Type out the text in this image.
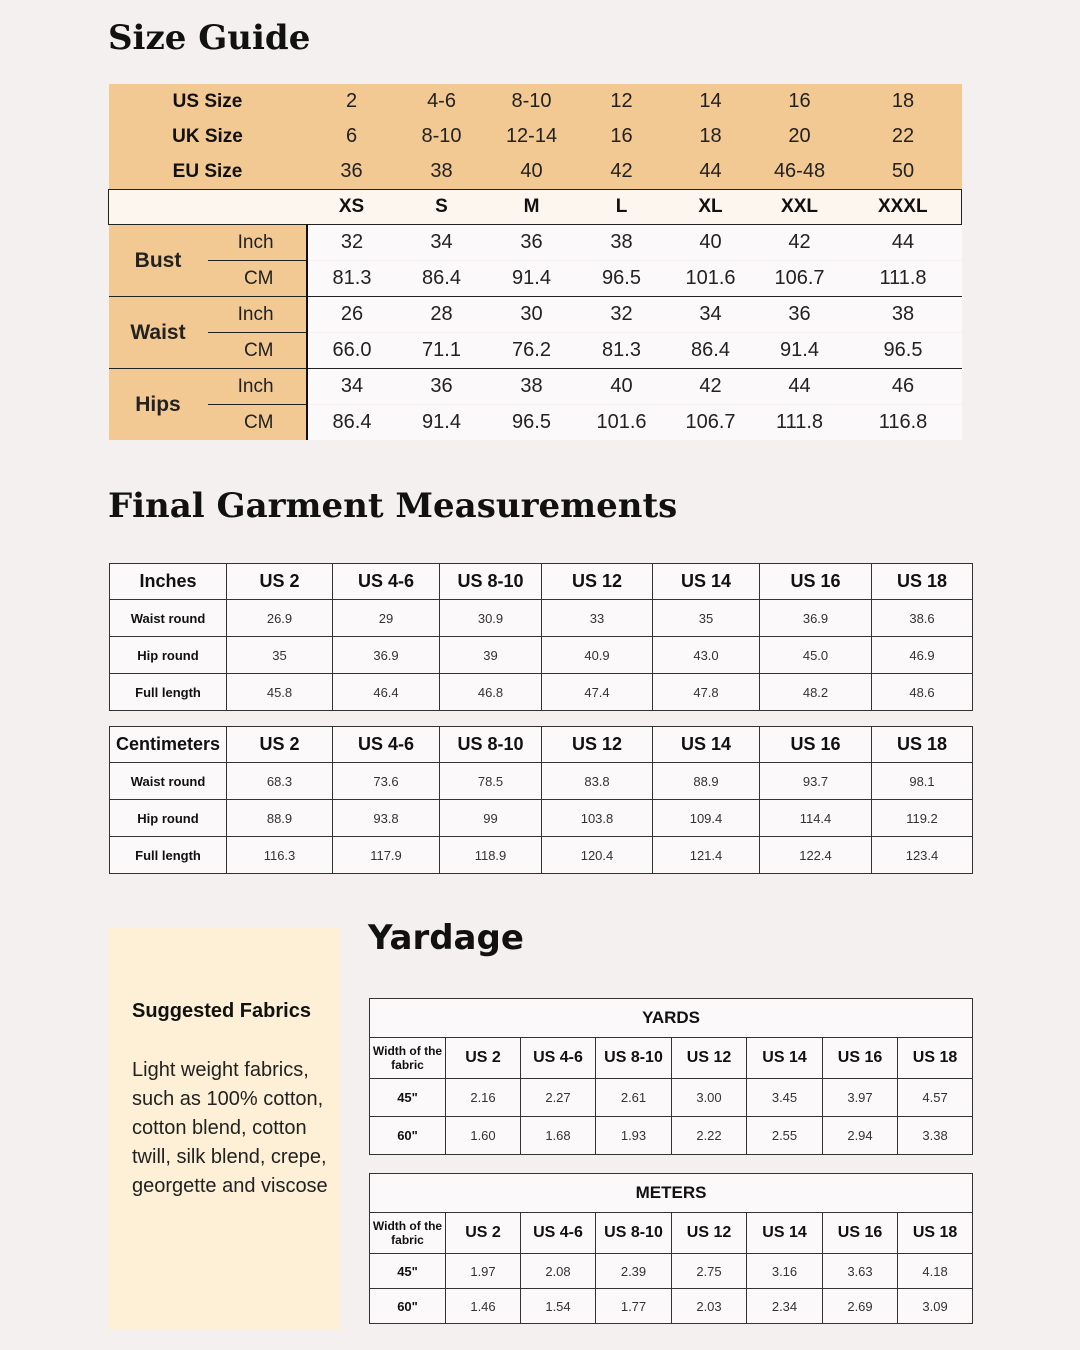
Size Guide
US Size		2	4-6	8-10	12	14	16	18
UK Size		6	8-10	12-14	16	18	20	22
EU Size		36	38	40	42	44	46-48	50
		XS	S	M	L	XL	XXL	XXXL
Bust	Inch	32	34	36	38	40	42	44
	CM	81.3	86.4	91.4	96.5	101.6	106.7	111.8
Waist	Inch	26	28	30	32	34	36	38
	CM	66.0	71.1	76.2	81.3	86.4	91.4	96.5
Hips	Inch	34	36	38	40	42	44	46
	CM	86.4	91.4	96.5	101.6	106.7	111.8	116.8
Final Garment Measurements
Inches	US 2	US 4-6	US 8-10	US 12	US 14	US 16	US 18
Waist round	26.9	29	30.9	33	35	36.9	38.6
Hip round	35	36.9	39	40.9	43.0	45.0	46.9
Full length	45.8	46.4	46.8	47.4	47.8	48.2	48.6
Centimeters	US 2	US 4-6	US 8-10	US 12	US 14	US 16	US 18
Waist round	68.3	73.6	78.5	83.8	88.9	93.7	98.1
Hip round	88.9	93.8	99	103.8	109.4	114.4	119.2
Full length	116.3	117.9	118.9	120.4	121.4	122.4	123.4
Suggested Fabrics

Light weight fabrics, such as 100% cotton, cotton blend, cotton twill, silk blend, crepe, georgette and viscose

Yardage
YARDS							
Width of the fabric	US 2	US 4-6	US 8-10	US 12	US 14	US 16	US 18
45"	2.16	2.27	2.61	3.00	3.45	3.97	4.57
60"	1.60	1.68	1.93	2.22	2.55	2.94	3.38
METERS							
Width of the fabric	US 2	US 4-6	US 8-10	US 12	US 14	US 16	US 18
45"	1.97	2.08	2.39	2.75	3.16	3.63	4.18
60"	1.46	1.54	1.77	2.03	2.34	2.69	3.09
